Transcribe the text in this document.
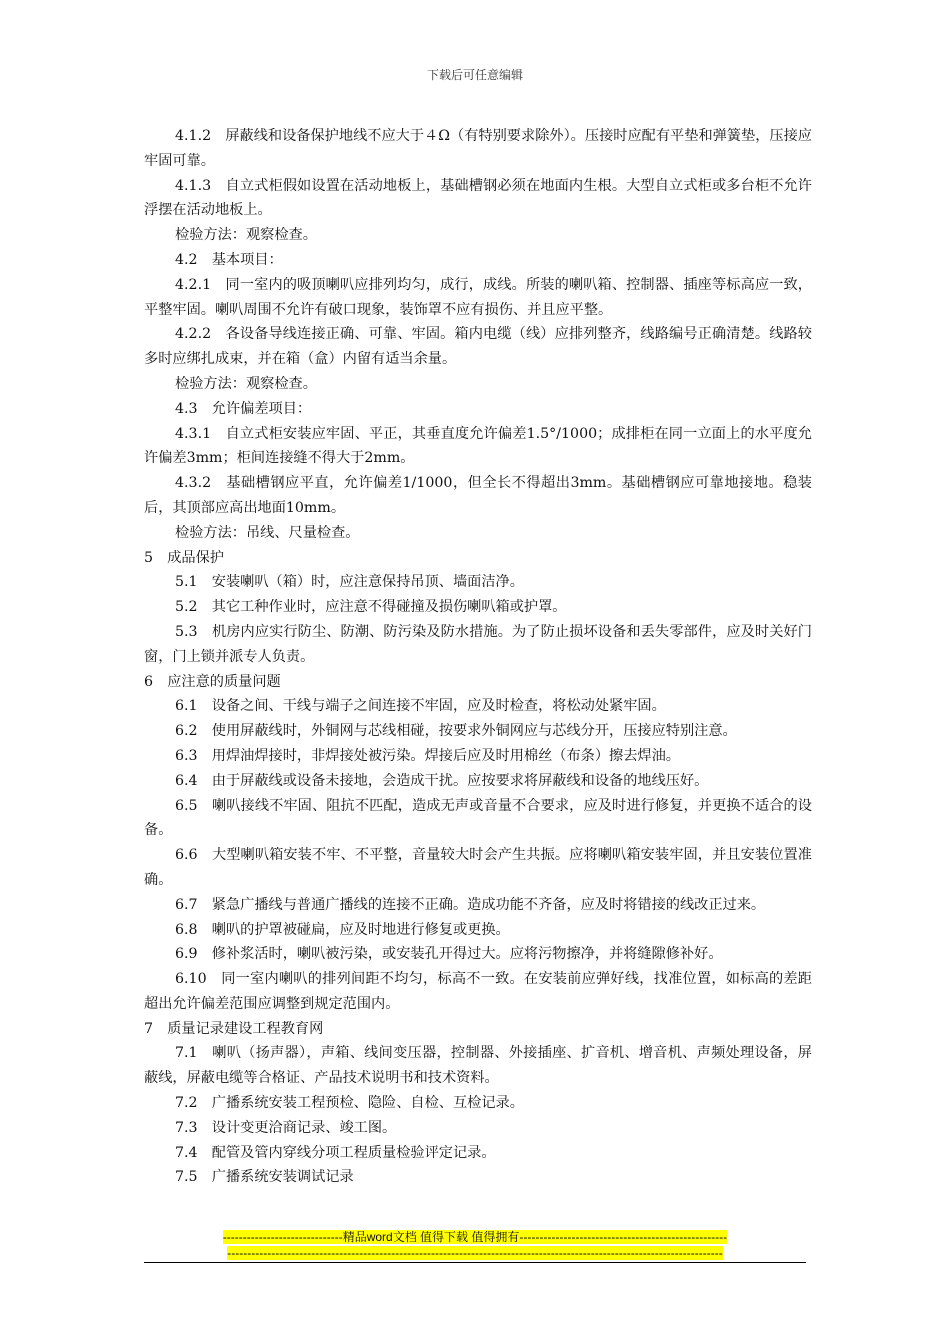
下载后可任意编辑

4.1.2　屏蔽线和设备保护地线不应大于４Ω（有特别要求除外）。压接时应配有平垫和弹簧垫，压接应牢固可靠。

4.1.3　自立式柜假如设置在活动地板上，基础槽钢必须在地面内生根。大型自立式柜或多台柜不允许浮摆在活动地板上。

检验方法：观察检查。

4.2　基本项目：

4.2.1　同一室内的吸顶喇叭应排列均匀，成行，成线。所装的喇叭箱、控制器、插座等标高应一致，平整牢固。喇叭周围不允许有破口现象，装饰罩不应有损伤、并且应平整。

4.2.2　各设备导线连接正确、可靠、牢固。箱内电缆（线）应排列整齐，线路编号正确清楚。线路较多时应绑扎成束，并在箱（盒）内留有适当余量。

检验方法：观察检查。

4.3　允许偏差项目：

4.3.1　自立式柜安装应牢固、平正，其垂直度允许偏差1.5°/1000；成排柜在同一立面上的水平度允许偏差3mm；柜间连接缝不得大于2mm。

4.3.2　基础槽钢应平直，允许偏差1/1000，但全长不得超出3mm。基础槽钢应可靠地接地。稳装后，其顶部应高出地面10mm。

检验方法：吊线、尺量检查。

5　成品保护

5.1　安装喇叭（箱）时，应注意保持吊顶、墙面洁净。

5.2　其它工种作业时，应注意不得碰撞及损伤喇叭箱或护罩。

5.3　机房内应实行防尘、防潮、防污染及防水措施。为了防止损坏设备和丢失零部件，应及时关好门窗，门上锁并派专人负责。

6　应注意的质量问题

6.1　设备之间、干线与端子之间连接不牢固，应及时检查，将松动处紧牢固。

6.2　使用屏蔽线时，外铜网与芯线相碰，按要求外铜网应与芯线分开，压接应特别注意。

6.3　用焊油焊接时，非焊接处被污染。焊接后应及时用棉丝（布条）擦去焊油。

6.4　由于屏蔽线或设备未接地，会造成干扰。应按要求将屏蔽线和设备的地线压好。

6.5　喇叭接线不牢固、阻抗不匹配，造成无声或音量不合要求，应及时进行修复，并更换不适合的设备。

6.6　大型喇叭箱安装不牢、不平整，音量较大时会产生共振。应将喇叭箱安装牢固，并且安装位置准确。

6.7　紧急广播线与普通广播线的连接不正确。造成功能不齐备，应及时将错接的线改正过来。

6.8　喇叭的护罩被碰扁，应及时地进行修复或更换。

6.9　修补浆活时，喇叭被污染，或安装孔开得过大。应将污物擦净，并将缝隙修补好。

6.10　同一室内喇叭的排列间距不均匀，标高不一致。在安装前应弹好线，找准位置，如标高的差距超出允许偏差范围应调整到规定范围内。

7　质量记录建设工程教育网

7.1　喇叭（扬声器），声箱、线间变压器，控制器、外接插座、扩音机、增音机、声频处理设备，屏蔽线，屏蔽电缆等合格证、产品技术说明书和技术资料。

7.2　广播系统安装工程预检、隐险、自检、互检记录。

7.3　设计变更洽商记录、竣工图。

7.4　配管及管内穿线分项工程质量检验评定记录。

7.5　广播系统安装调试记录

------------------------------精品word文档 值得下载 值得拥有----------------------------------------------------
----------------------------------------------------------------------------------------------------------------------------
